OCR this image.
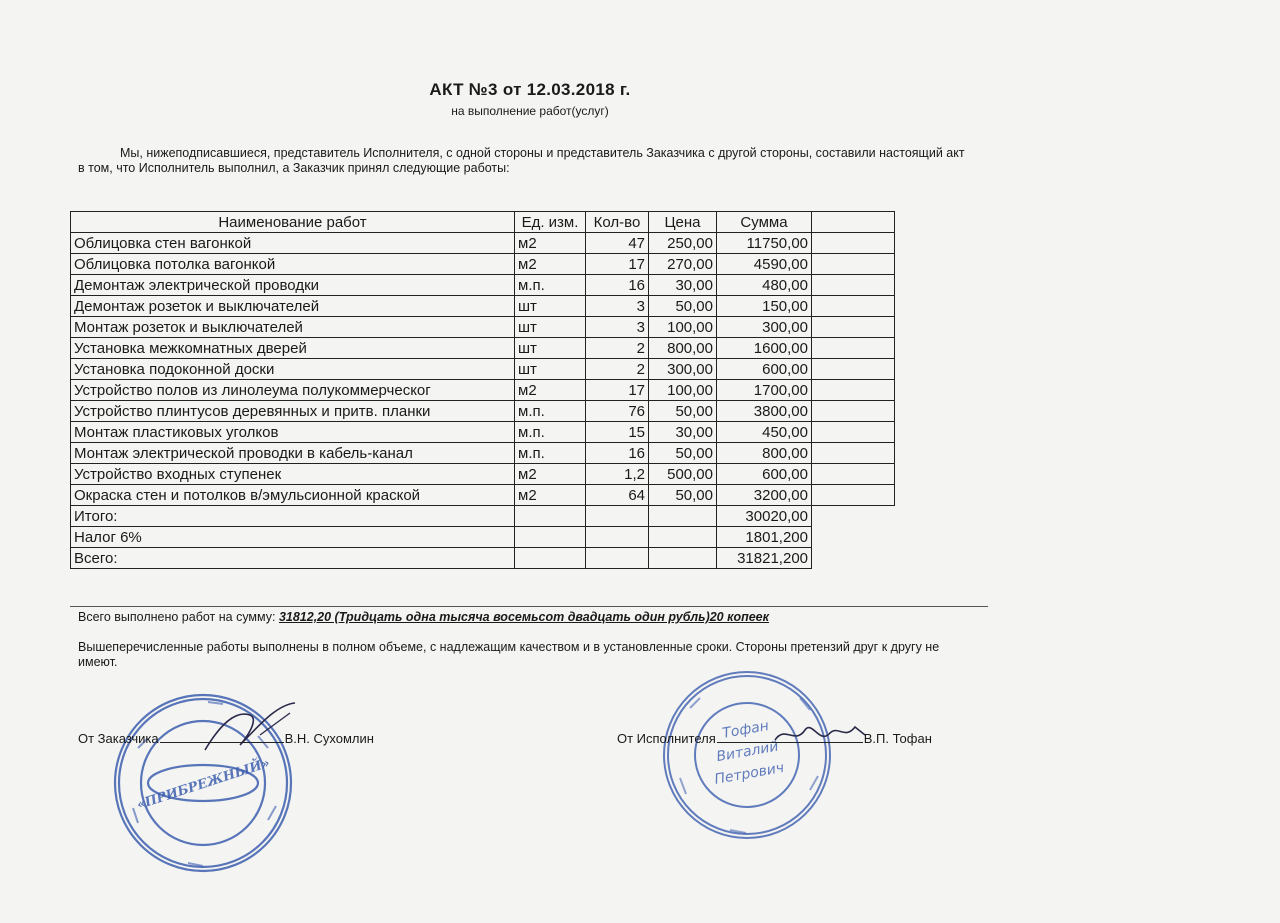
АКТ №3 от 12.03.2018 г.
на выполнение работ(услуг)
Мы, нижеподписавшиеся, представитель Исполнителя, с одной стороны и представитель Заказчика с другой стороны, составили настоящий акт в том, что Исполнитель выполнил, а Заказчик принял следующие работы:
Наименование работ	Ед. изм.	Кол-во	Цена	Сумма	
Облицовка стен вагонкой	м2	47	250,00	11750,00	
Облицовка потолка вагонкой	м2	17	270,00	4590,00	
Демонтаж электрической проводки	м.п.	16	30,00	480,00	
Демонтаж розеток и выключателей	шт	3	50,00	150,00	
Монтаж розеток и выключателей	шт	3	100,00	300,00	
Установка межкомнатных дверей	шт	2	800,00	1600,00	
Установка подоконной доски	шт	2	300,00	600,00	
Устройство полов из линолеума полукоммерческог	м2	17	100,00	1700,00	
Устройство плинтусов деревянных и притв. планки	м.п.	76	50,00	3800,00	
Монтаж пластиковых уголков	м.п.	15	30,00	450,00	
Монтаж электрической проводки в кабель-канал	м.п.	16	50,00	800,00	
Устройство входных ступенек	м2	1,2	500,00	600,00	
Окраска стен и потолков в/эмульсионной краской	м2	64	50,00	3200,00	
Итого:				30020,00	
Налог 6%				1801,200	
Всего:				31821,200	
Всего выполнено работ на сумму: 31812,20 (Тридцать одна тысяча восемьсот двадцать один рубль)20 копеек
Вышеперечисленные работы выполнены в полном объеме, с надлежащим качеством и в установленные сроки. Стороны претензий друг к другу не имеют.
«ПРИБРЕЖНЫЙ»
Тофан
Виталий
Петрович
От Заказчика	В.Н. Сухомлин	От Исполнителя	В.П. Тофан
